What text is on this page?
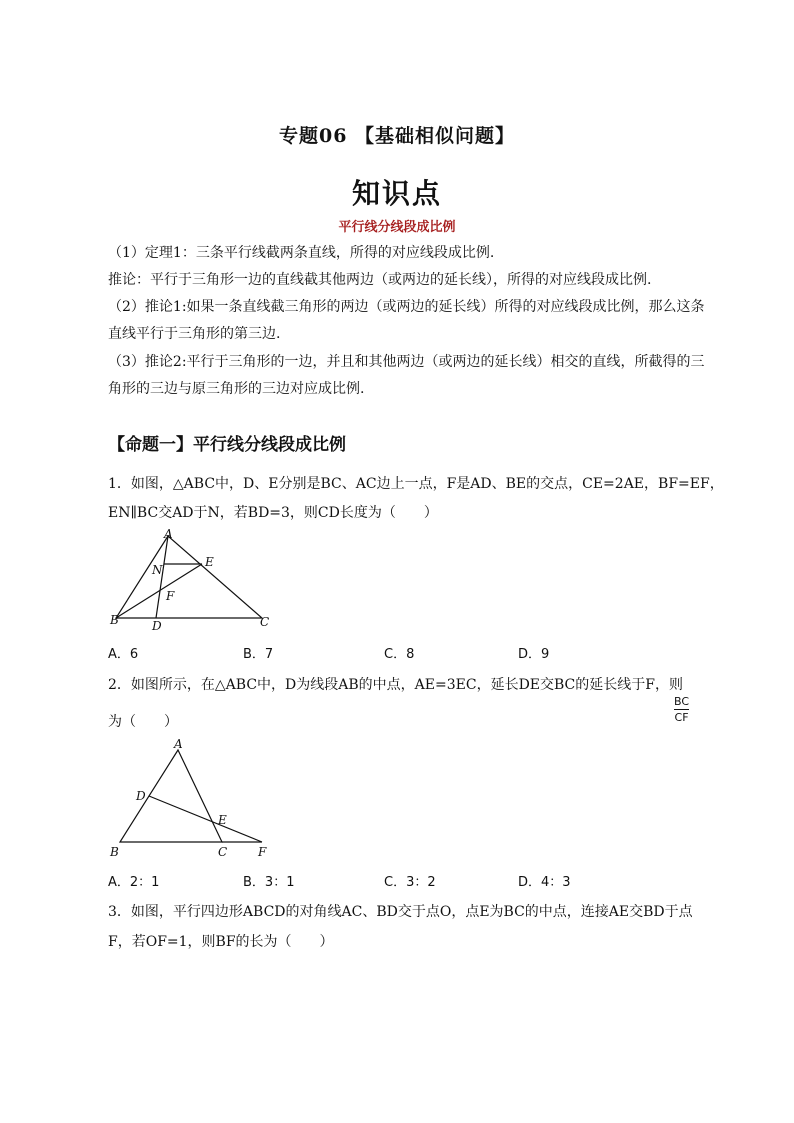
专题06 【基础相似问题】
知识点
平行线分线段成比例
（1）定理1：三条平行线截两条直线，所得的对应线段成比例.
推论：平行于三角形一边的直线截其他两边（或两边的延长线），所得的对应线段成比例.
（2）推论1:如果一条直线截三角形的两边（或两边的延长线）所得的对应线段成比例，那么这条
直线平行于三角形的第三边.
（3）推论2:平行于三角形的一边，并且和其他两边（或两边的延长线）相交的直线，所截得的三
角形的三边与原三角形的三边对应成比例.
【命题一】平行线分线段成比例
1．如图，△ABC中，D、E分别是BC、AC边上一点，F是AD、BE的交点，CE=2AE，BF=EF，
EN∥BC交AD于N，若BD=3，则CD长度为（　　）
A
E
N
F
B	D	C
A．6	B．7	C．8	D．9
2．如图所示，在△ABC中，D为线段AB的中点，AE=3EC，延长DE交BC的延长线于F，则
BC
CF
为（　　）
A
D
E
B	C	F
A．2：1	B．3：1	C．3：2	D．4：3
3．如图，平行四边形ABCD的对角线AC、BD交于点O，点E为BC的中点，连接AE交BD于点
F，若OF=1，则BF的长为（　　）
